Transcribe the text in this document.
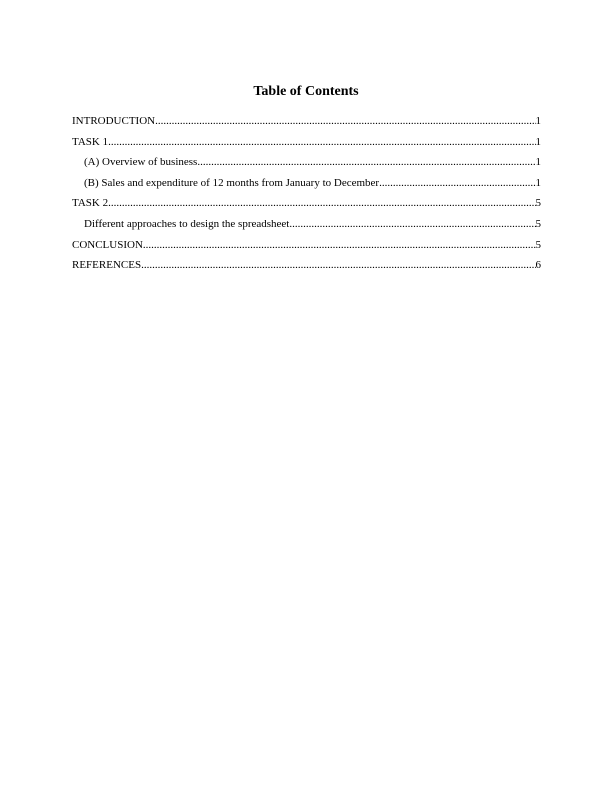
Table of Contents
INTRODUCTION .....	1
TASK 1 .....	1
(A) Overview of business .....	1
(B) Sales and expenditure of 12 months from January to December .....	1
TASK 2 .....	5
Different approaches to design the spreadsheet .....	5
CONCLUSION .....	5
REFERENCES .....	6
